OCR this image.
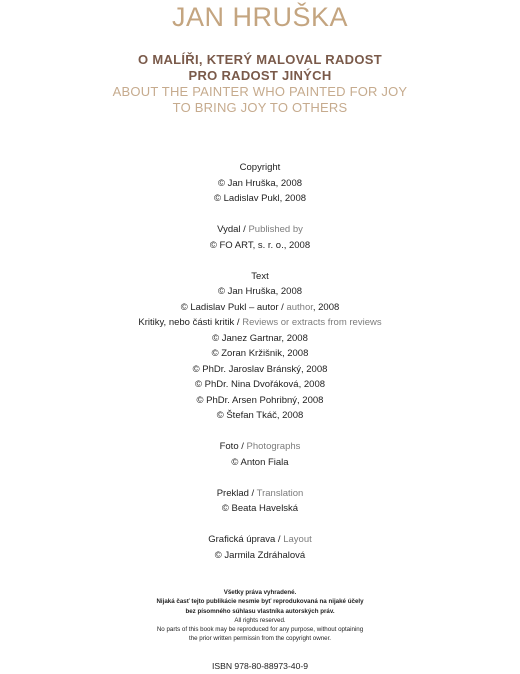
JAN HRUŠKA
O MALÍŘI, KTERÝ MALOVAL RADOST
PRO RADOST JINÝCH
ABOUT THE PAINTER WHO PAINTED FOR JOY
TO BRING JOY TO OTHERS
Copyright
© Jan Hruška, 2008
© Ladislav Pukl, 2008
Vydal / Published by
© FO ART, s. r. o., 2008
Text
© Jan Hruška, 2008
© Ladislav Pukl – autor / author, 2008
Kritiky, nebo části kritik / Reviews or extracts from reviews
© Janez Gartnar, 2008
© Zoran Kržišnik, 2008
© PhDr. Jaroslav Bránský, 2008
© PhDr. Nina Dvořáková, 2008
© PhDr. Arsen Pohribný, 2008
© Štefan Tkáč, 2008
Foto / Photographs
© Anton Fiala
Preklad / Translation
© Beata Havelská
Grafická úprava / Layout
© Jarmila Zdráhalová
Všetky práva vyhradené.
Nijaká časť tejto publikácie nesmie byť reprodukovaná na nijaké účely
bez písomného súhlasu vlastníka autorských práv.
All rights reserved.
No parts of this book may be reproduced for any purpose, without optaining
the prior written permissin from the copyright owner.
ISBN 978-80-88973-40-9
